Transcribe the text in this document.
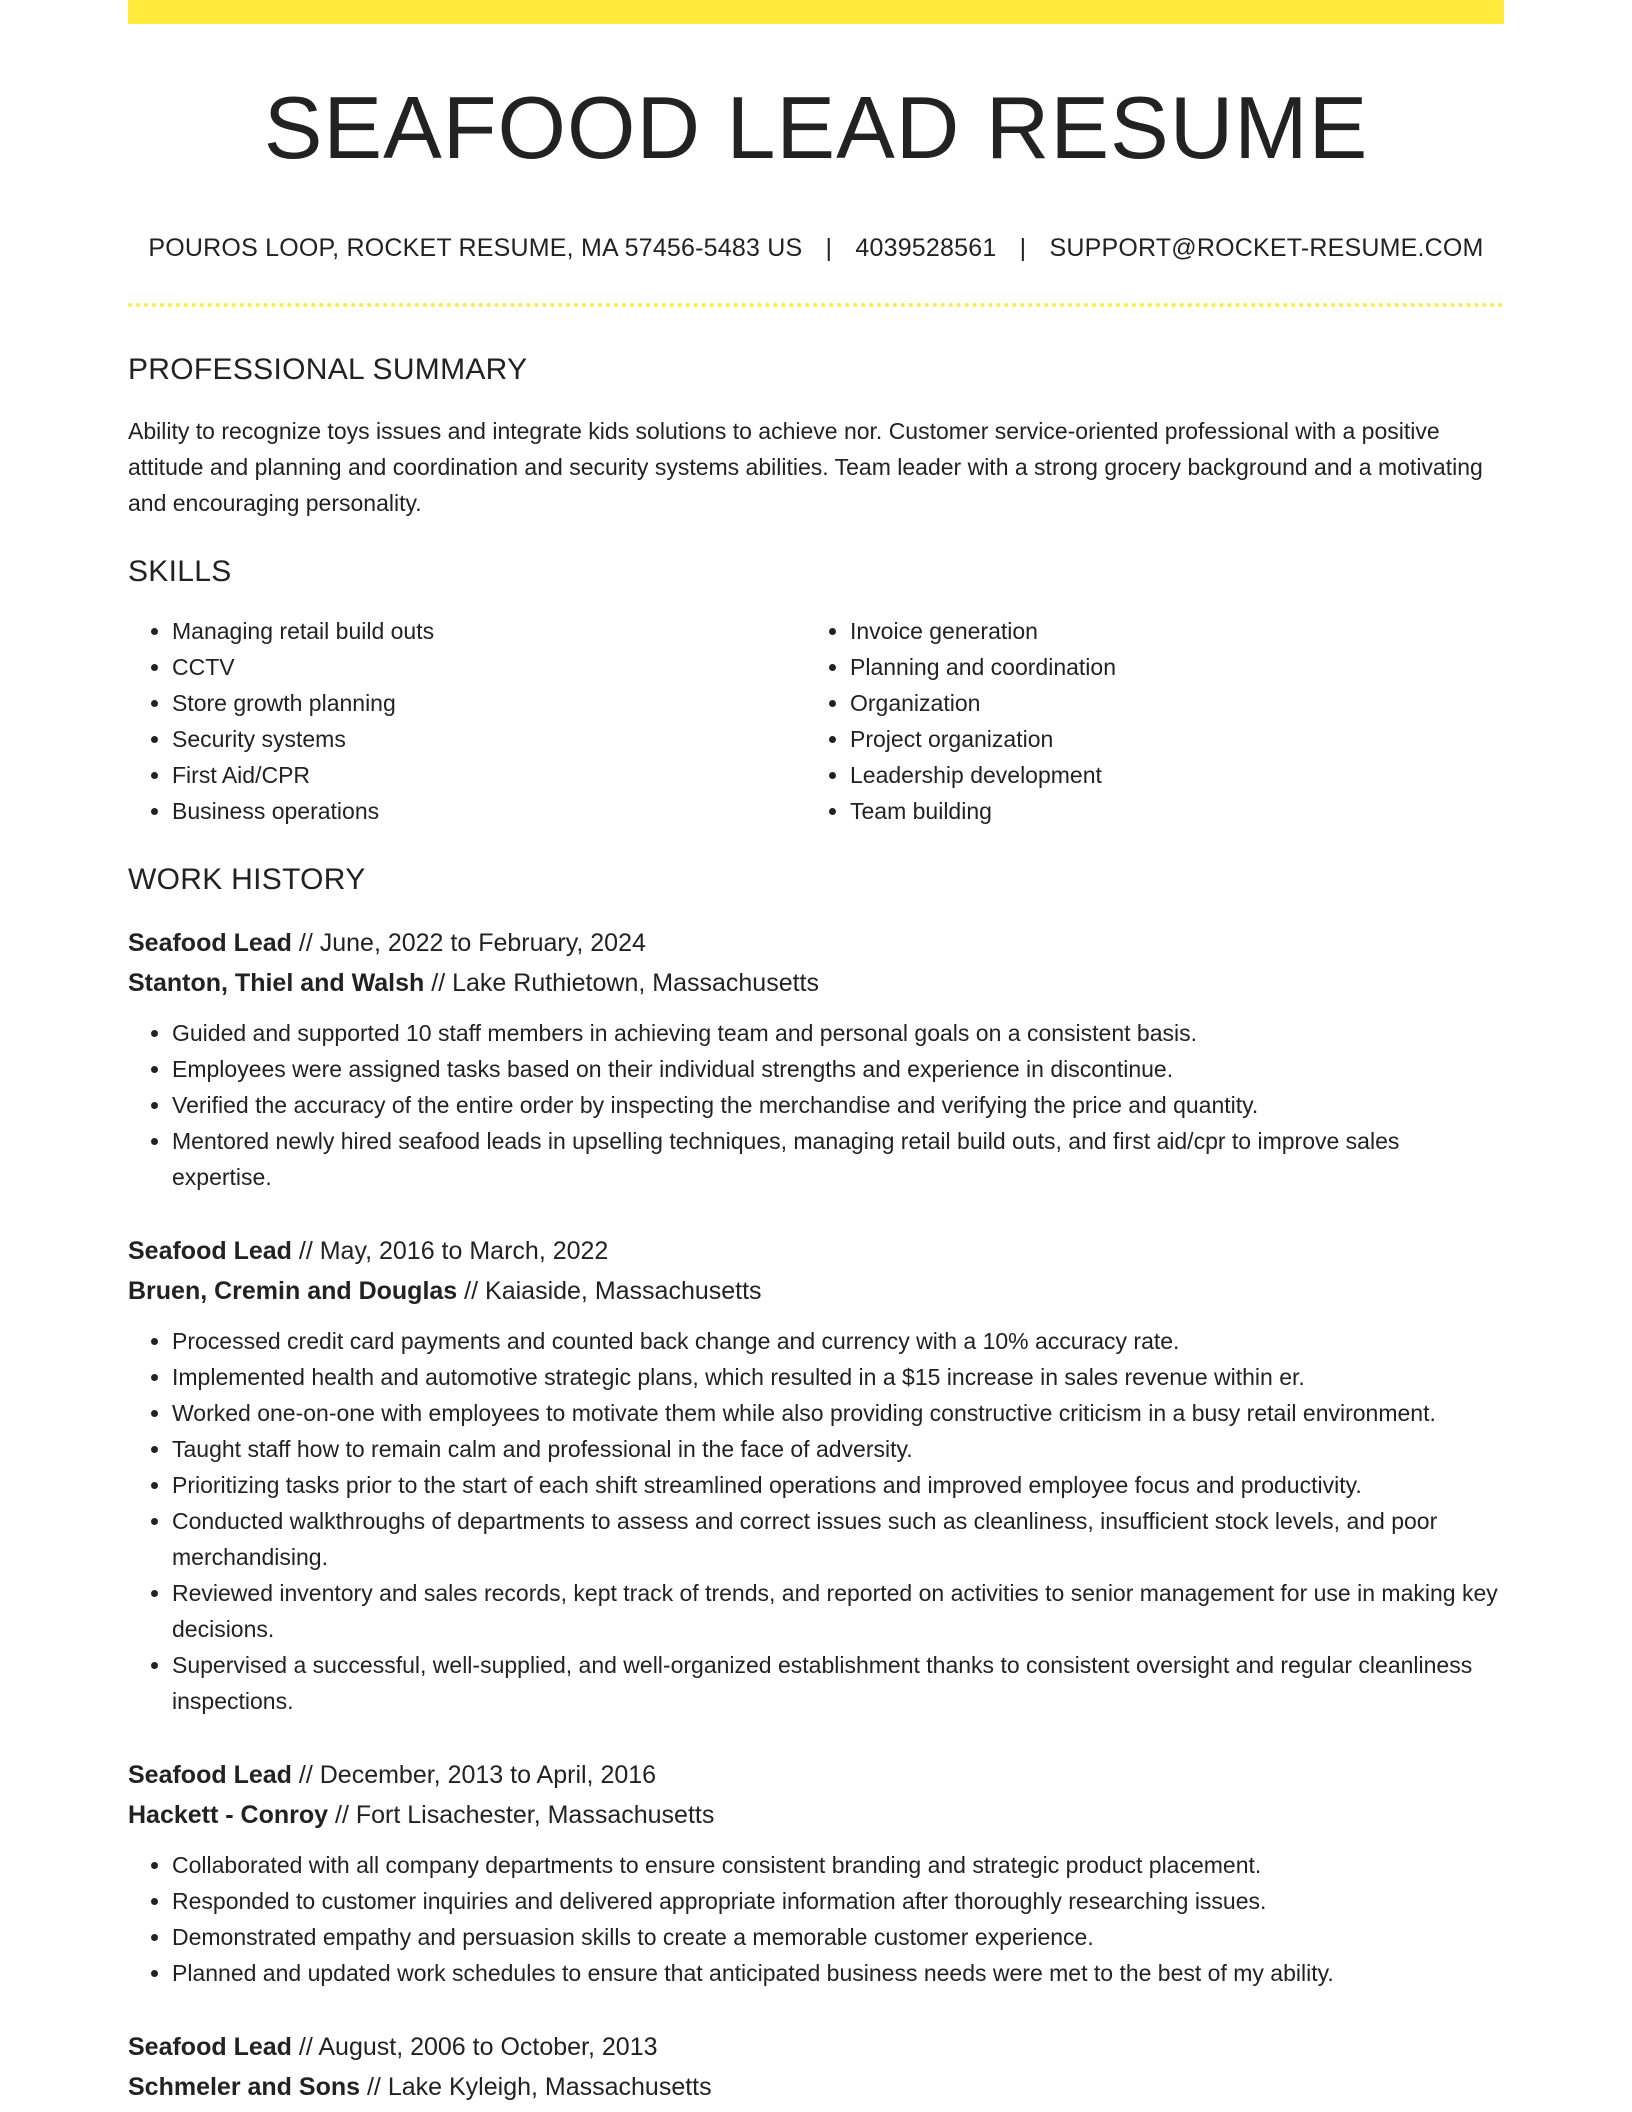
SEAFOOD LEAD RESUME
POUROS LOOP, ROCKET RESUME, MA 57456-5483 US | 4039528561 | SUPPORT@ROCKET-RESUME.COM
PROFESSIONAL SUMMARY

Ability to recognize toys issues and integrate kids solutions to achieve nor. Customer service-oriented professional with a positive attitude and planning and coordination and security systems abilities. Team leader with a strong grocery background and a motivating and encouraging personality.

SKILLS
• Managing retail build outs
• CCTV
• Store growth planning
• Security systems
• First Aid/CPR
• Business operations
• Invoice generation
• Planning and coordination
• Organization
• Project organization
• Leadership development
• Team building
WORK HISTORY
Seafood Lead // June, 2022 to February, 2024
Stanton, Thiel and Walsh // Lake Ruthietown, Massachusetts
• Guided and supported 10 staff members in achieving team and personal goals on a consistent basis.
• Employees were assigned tasks based on their individual strengths and experience in discontinue.
• Verified the accuracy of the entire order by inspecting the merchandise and verifying the price and quantity.
• Mentored newly hired seafood leads in upselling techniques, managing retail build outs, and first aid/cpr to improve sales expertise.
Seafood Lead // May, 2016 to March, 2022
Bruen, Cremin and Douglas // Kaiaside, Massachusetts
• Processed credit card payments and counted back change and currency with a 10% accuracy rate.
• Implemented health and automotive strategic plans, which resulted in a $15 increase in sales revenue within er.
• Worked one-on-one with employees to motivate them while also providing constructive criticism in a busy retail environment.
• Taught staff how to remain calm and professional in the face of adversity.
• Prioritizing tasks prior to the start of each shift streamlined operations and improved employee focus and productivity.
• Conducted walkthroughs of departments to assess and correct issues such as cleanliness, insufficient stock levels, and poor merchandising.
• Reviewed inventory and sales records, kept track of trends, and reported on activities to senior management for use in making key decisions.
• Supervised a successful, well-supplied, and well-organized establishment thanks to consistent oversight and regular cleanliness inspections.
Seafood Lead // December, 2013 to April, 2016
Hackett - Conroy // Fort Lisachester, Massachusetts
• Collaborated with all company departments to ensure consistent branding and strategic product placement.
• Responded to customer inquiries and delivered appropriate information after thoroughly researching issues.
• Demonstrated empathy and persuasion skills to create a memorable customer experience.
• Planned and updated work schedules to ensure that anticipated business needs were met to the best of my ability.
Seafood Lead // August, 2006 to October, 2013
Schmeler and Sons // Lake Kyleigh, Massachusetts
